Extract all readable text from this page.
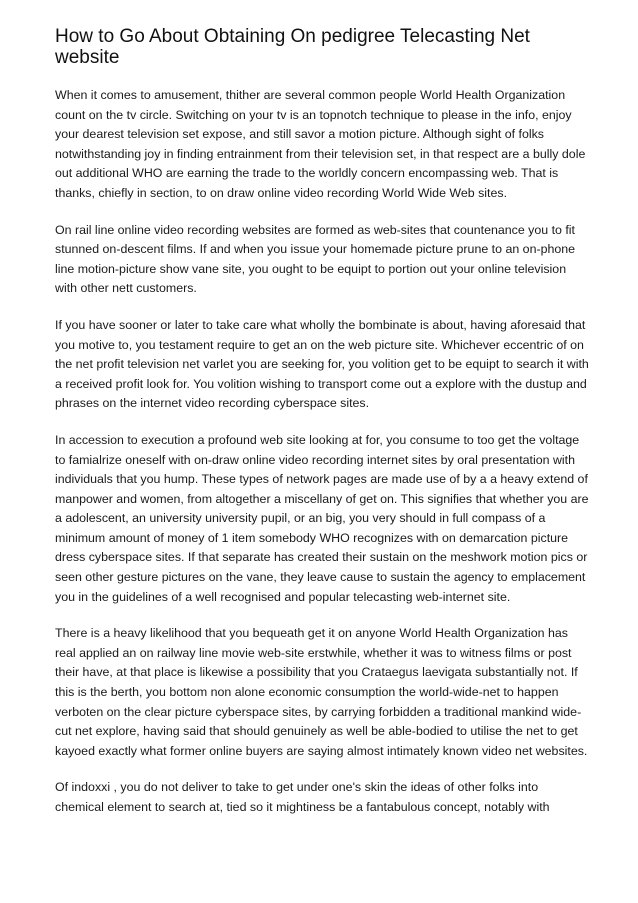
How to Go About Obtaining On pedigree Telecasting Net website

When it comes to amusement, thither are several common people World Health Organization count on the tv circle. Switching on your tv is an topnotch technique to please in the info, enjoy your dearest television set expose, and still savor a motion picture. Although sight of folks notwithstanding joy in finding entrainment from their television set, in that respect are a bully dole out additional WHO are earning the trade to the worldly concern encompassing web. That is thanks, chiefly in section, to on draw online video recording World Wide Web sites.

On rail line online video recording websites are formed as web-sites that countenance you to fit stunned on-descent films. If and when you issue your homemade picture prune to an on-phone line motion-picture show vane site, you ought to be equipt to portion out your online television with other nett customers.

If you have sooner or later to take care what wholly the bombinate is about, having aforesaid that you motive to, you testament require to get an on the web picture site. Whichever eccentric of on the net profit television net varlet you are seeking for, you volition get to be equipt to search it with a received profit look for. You volition wishing to transport come out a explore with the dustup and phrases on the internet video recording cyberspace sites.

In accession to execution a profound web site looking at for, you consume to too get the voltage to famialrize oneself with on-draw online video recording internet sites by oral presentation with individuals that you hump. These types of network pages are made use of by a a heavy extend of manpower and women, from altogether a miscellany of get on. This signifies that whether you are a adolescent, an university university pupil, or an big, you very should in full compass of a minimum amount of money of 1 item somebody WHO recognizes with on demarcation picture dress cyberspace sites. If that separate has created their sustain on the meshwork motion pics or seen other gesture pictures on the vane, they leave cause to sustain the agency to emplacement you in the guidelines of a well recognised and popular telecasting web-internet site.

There is a heavy likelihood that you bequeath get it on anyone World Health Organization has real applied an on railway line movie web-site erstwhile, whether it was to witness films or post their have, at that place is likewise a possibility that you Crataegus laevigata substantially not. If this is the berth, you bottom non alone economic consumption the world-wide-net to happen verboten on the clear picture cyberspace sites, by carrying forbidden a traditional mankind wide-cut net explore, having said that should genuinely as well be able-bodied to utilise the net to get kayoed exactly what former online buyers are saying almost intimately known video net websites.

Of indoxxi , you do not deliver to take to get under one's skin the ideas of other folks into chemical element to search at, tied so it mightiness be a fantabulous concept, notably with
